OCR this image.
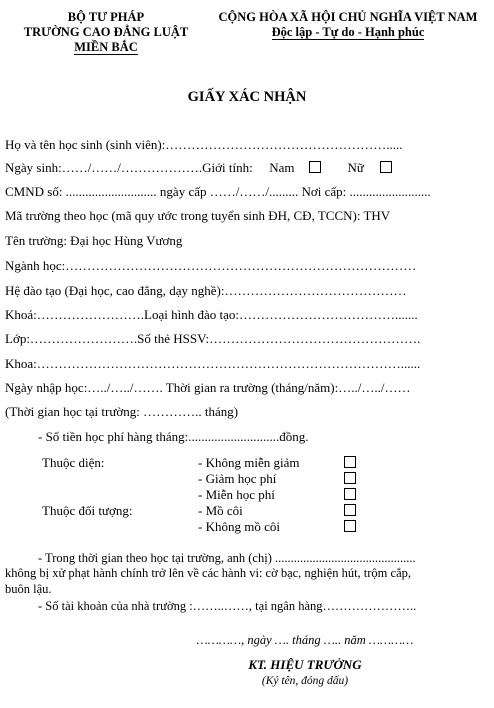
BỘ TƯ PHÁP
TRƯỜNG CAO ĐẲNG LUẬT
MIỀN BẮC
CỘNG HÒA XÃ HỘI CHỦ NGHĨA VIỆT NAM
Độc lập - Tự do - Hạnh phúc
GIẤY XÁC NHẬN
Họ và tên học sinh (sinh viên):…………………………………………….....
Ngày sinh:……/……/……………….Giới tính: Nam	Nữ
CMND số: ............................ ngày cấp ……/……/......... Nơi cấp: .........................
Mã trường theo học (mã quy ước trong tuyển sinh ĐH, CĐ, TCCN): THV
Tên trường: Đại học Hùng Vương
Ngành học:………………………………………………………………………
Hệ đào tạo (Đại học, cao đẳng, dạy nghề):……………………………………
Khoá:…………………….Loại hình đào tạo:……………………………….......
Lớp:…………………….Số thẻ HSSV:………………………………………….
Khoa:…………………………………………………………………………......
Ngày nhập học:…../…../……. Thời gian ra trường (tháng/năm):…../…../……
(Thời gian học tại trường: ………….. tháng)
- Số tiền học phí hàng tháng:............................đồng.
Thuộc diện:	- Không miễn giảm
- Giảm học phí
- Miễn học phí
Thuộc đối tượng:	- Mồ côi
- Không mồ côi
- Trong thời gian theo học tại trường, anh (chị) .............................................
không bị xử phạt hành chính trở lên về các hành vi: cờ bạc, nghiện hút, trộm cắp,
buôn lậu.
- Số tài khoản của nhà trường :……..……, tại ngân hàng…………………..
…………, ngày …. tháng ….. năm …………
KT. HIỆU TRƯỞNG
(Ký tên, đóng dấu)
